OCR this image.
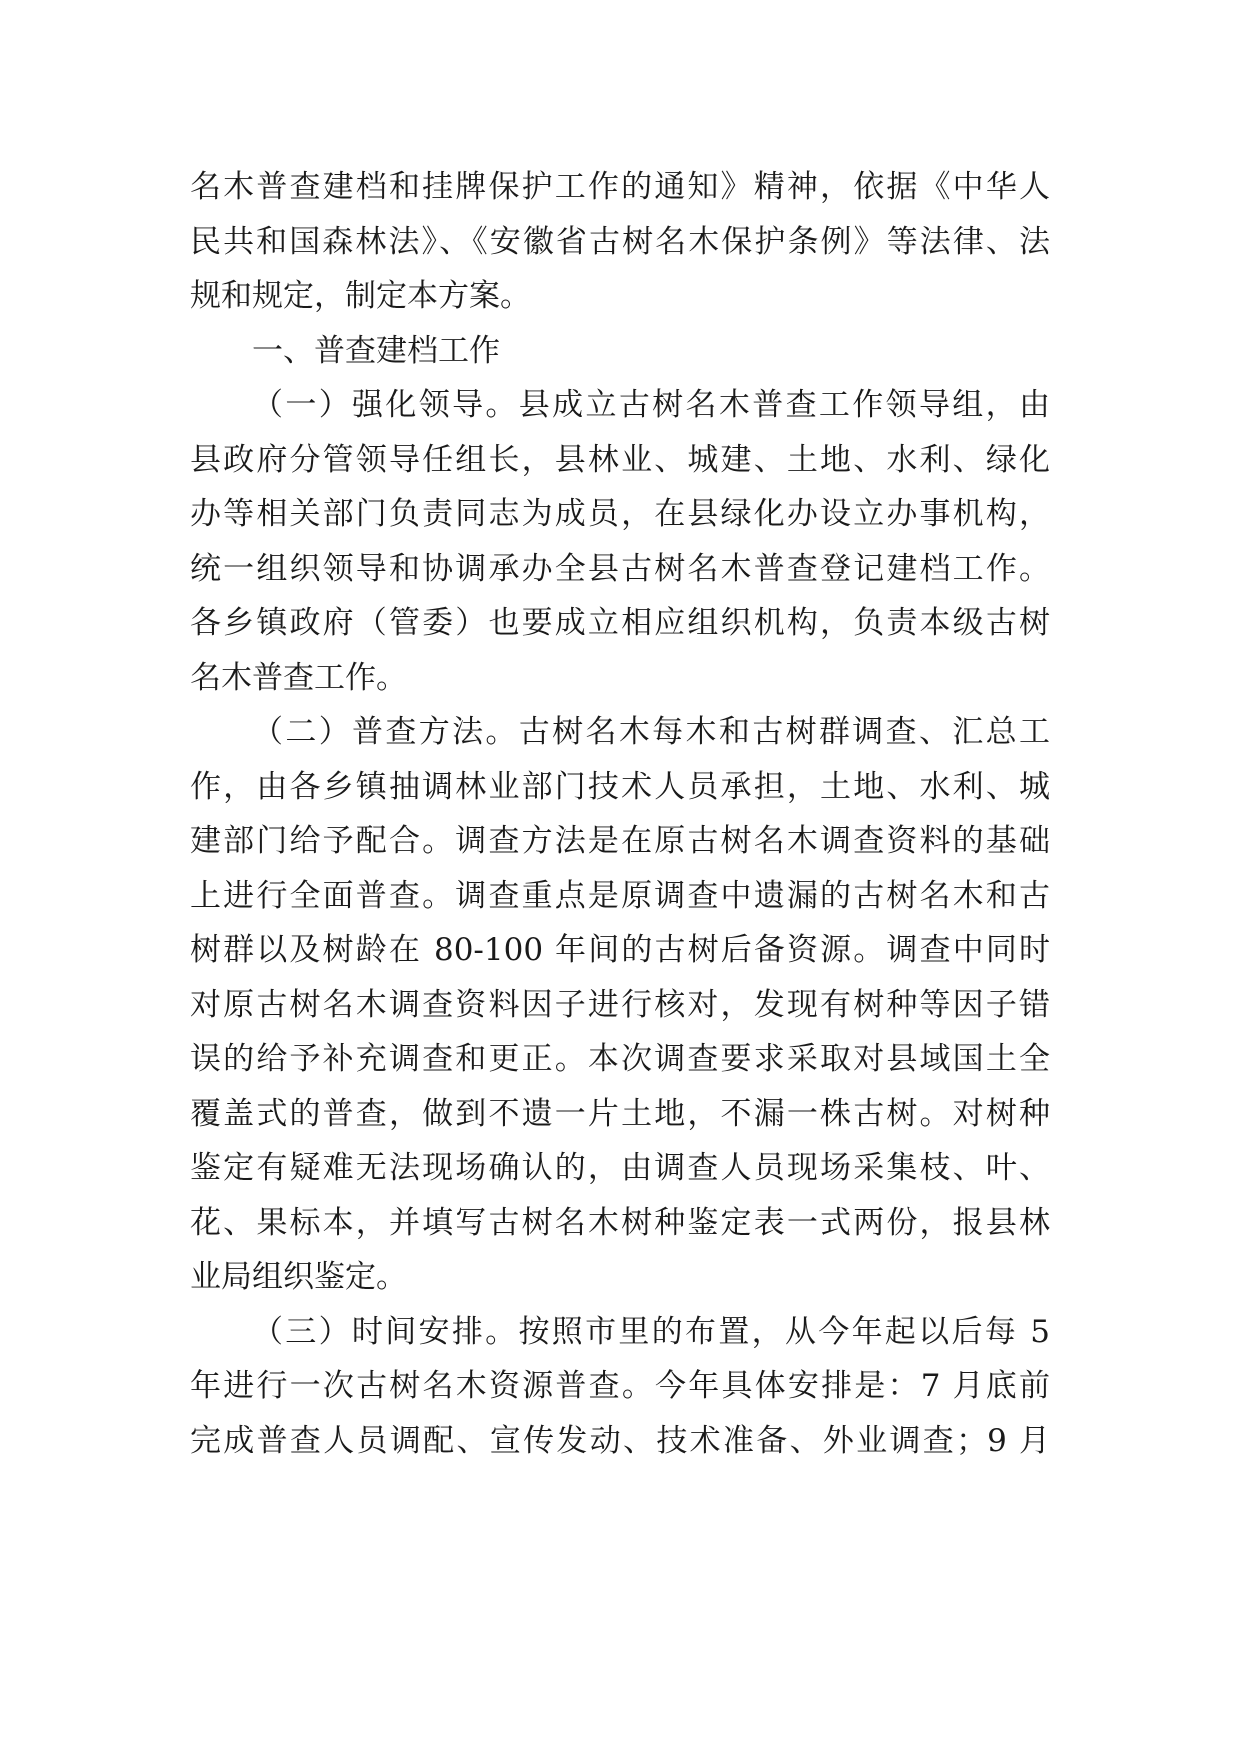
名木普查建档和挂牌保护工作的通知》精神，依据《中华人
民共和国森林法》、《安徽省古树名木保护条例》等法律、法
规和规定，制定本方案。
一、普查建档工作
（一）强化领导。县成立古树名木普查工作领导组，由
县政府分管领导任组长，县林业、城建、土地、水利、绿化
办等相关部门负责同志为成员，在县绿化办设立办事机构，
统一组织领导和协调承办全县古树名木普查登记建档工作。
各乡镇政府（管委）也要成立相应组织机构，负责本级古树
名木普查工作。
（二）普查方法。古树名木每木和古树群调查、汇总工
作，由各乡镇抽调林业部门技术人员承担，土地、水利、城
建部门给予配合。调查方法是在原古树名木调查资料的基础
上进行全面普查。调查重点是原调查中遗漏的古树名木和古
树群以及树龄在 80-100 年间的古树后备资源。调查中同时
对原古树名木调查资料因子进行核对，发现有树种等因子错
误的给予补充调查和更正。本次调查要求采取对县域国土全
覆盖式的普查，做到不遗一片土地，不漏一株古树。对树种
鉴定有疑难无法现场确认的，由调查人员现场采集枝、叶、
花、果标本，并填写古树名木树种鉴定表一式两份，报县林
业局组织鉴定。
（三）时间安排。按照市里的布置，从今年起以后每 5
年进行一次古树名木资源普查。今年具体安排是：7 月底前
完成普查人员调配、宣传发动、技术准备、外业调查；9 月
